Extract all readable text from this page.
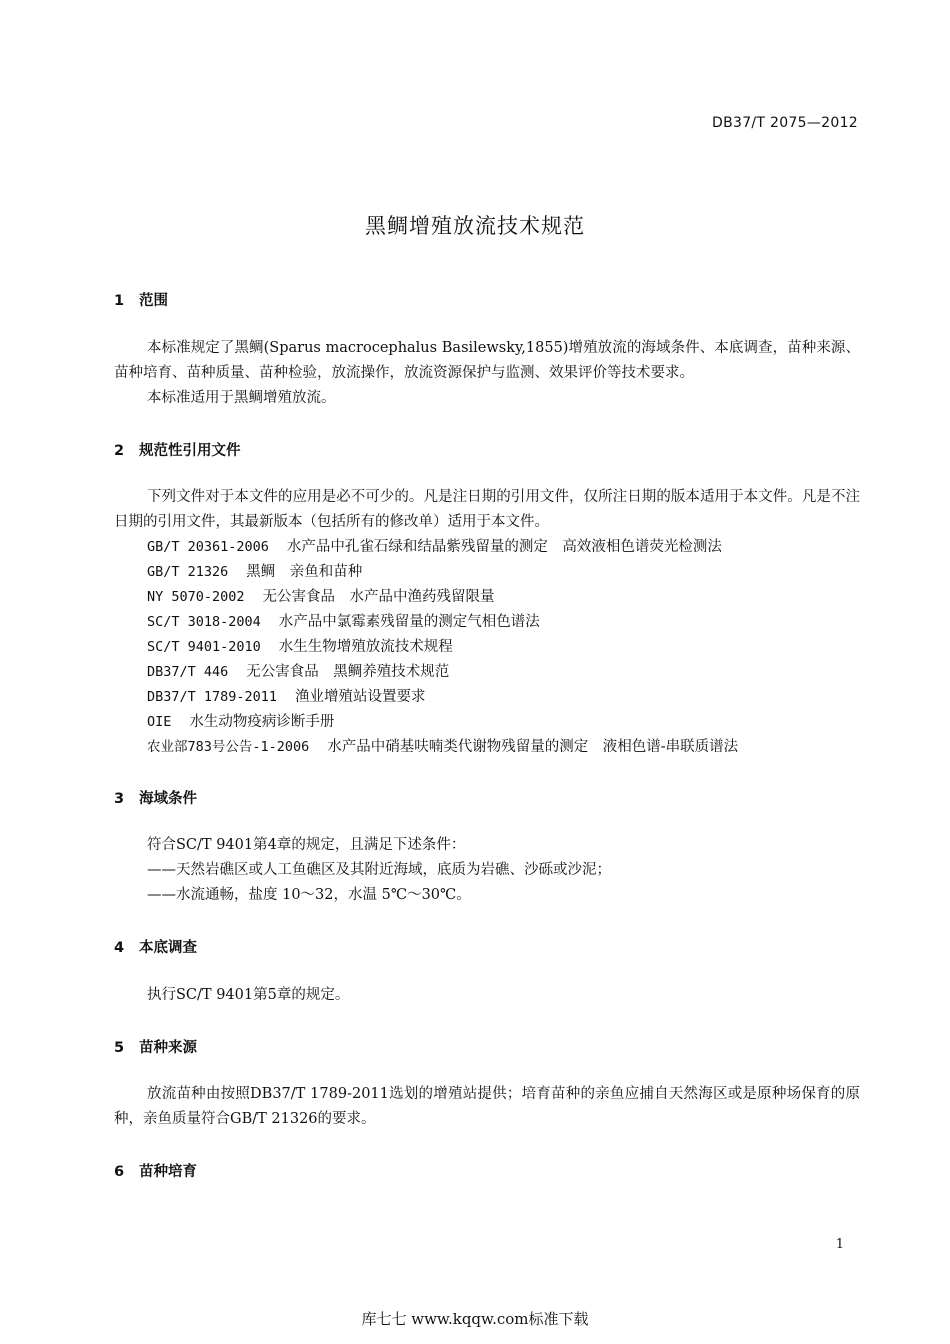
DB37/T 2075—2012
黑鲷增殖放流技术规范
1 范围
本标准规定了黑鲷(Sparus macrocephalus Basilewsky,1855)增殖放流的海域条件、本底调查，苗种来源、苗种培育、苗种质量、苗种检验，放流操作，放流资源保护与监测、效果评价等技术要求。
本标准适用于黑鲷增殖放流。
2 规范性引用文件
下列文件对于本文件的应用是必不可少的。凡是注日期的引用文件，仅所注日期的版本适用于本文件。凡是不注日期的引用文件，其最新版本（包括所有的修改单）适用于本文件。
GB/T 20361-2006 水产品中孔雀石绿和结晶紫残留量的测定　高效液相色谱荧光检测法
GB/T 21326 黑鲷　亲鱼和苗种
NY 5070-2002 无公害食品　水产品中渔药残留限量
SC/T 3018-2004 水产品中氯霉素残留量的测定气相色谱法
SC/T 9401-2010 水生生物增殖放流技术规程
DB37/T 446 无公害食品　黑鲷养殖技术规范
DB37/T 1789-2011 渔业增殖站设置要求
OIE 水生动物疫病诊断手册
农业部783号公告-1-2006 水产品中硝基呋喃类代谢物残留量的测定　液相色谱-串联质谱法
3 海域条件
符合SC/T 9401第4章的规定，且满足下述条件：
——天然岩礁区或人工鱼礁区及其附近海域，底质为岩礁、沙砾或沙泥；
——水流通畅，盐度 10～32，水温 5℃～30℃。
4 本底调查
执行SC/T 9401第5章的规定。
5 苗种来源
放流苗种由按照DB37/T 1789-2011选划的增殖站提供；培育苗种的亲鱼应捕自天然海区或是原种场保育的原种，亲鱼质量符合GB/T 21326的要求。
6 苗种培育
1
库七七 www.kqqw.com标准下载
